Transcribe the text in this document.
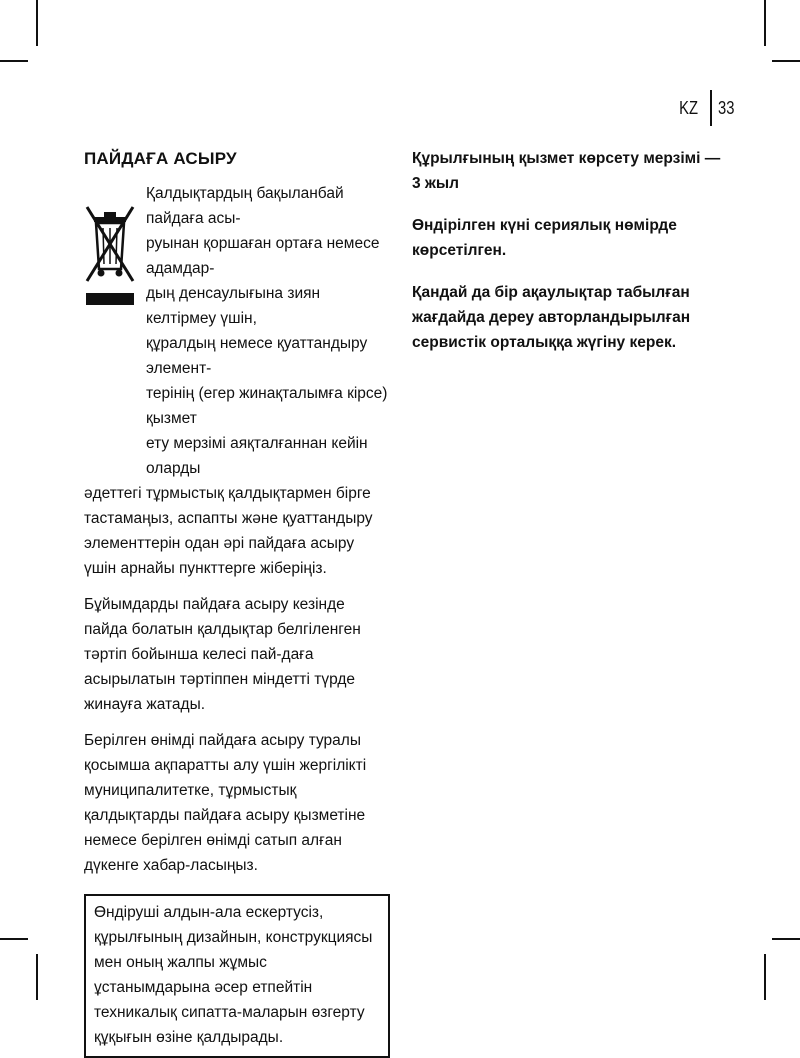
KZ 33
ПАЙДАҒА АСЫРУ
Қалдықтардың бақыланбай пайдаға асы-
руынан қоршаған ортаға немесе адамдар-
дың денсаулығына зиян келтірмеу үшін,
құралдың немесе қуаттандыру элемент-
терінің (егер жинақталымға кірсе) қызмет
ету мерзімі аяқталғаннан кейін оларды

әдеттегі тұрмыстық қалдықтармен бірге тастамаңыз, аспапты және қуаттандыру элементтерін одан әрі пайдаға асыру үшін арнайы пункттерге жіберіңіз.

Бұйымдарды пайдаға асыру кезінде пайда болатын қалдықтар белгіленген тәртіп бойынша келесі пай-даға асырылатын тәртіппен міндетті түрде жинауға жатады.

Берілген өнімді пайдаға асыру туралы қосымша ақпаратты алу үшін жергілікті муниципалитетке, тұрмыстық қалдықтарды пайдаға асыру қызметіне немесе берілген өнімді сатып алған дүкенге хабар-ласыңыз.

Өндіруші алдын-ала ескертусіз, құрылғының дизайнын, конструкциясы мен оның жалпы жұмыс ұстанымдарына әсер етпейтін техникалық сипатта-маларын өзгерту құқығын өзіне қалдырады.

Құрылғының қызмет көрсету мерзімі — 3 жыл

Өндірілген күні сериялық нөмірде көрсетілген.

Қандай да бір ақаулықтар табылған жағдайда дереу авторландырылған сервистік орталыққа жүгіну керек.
